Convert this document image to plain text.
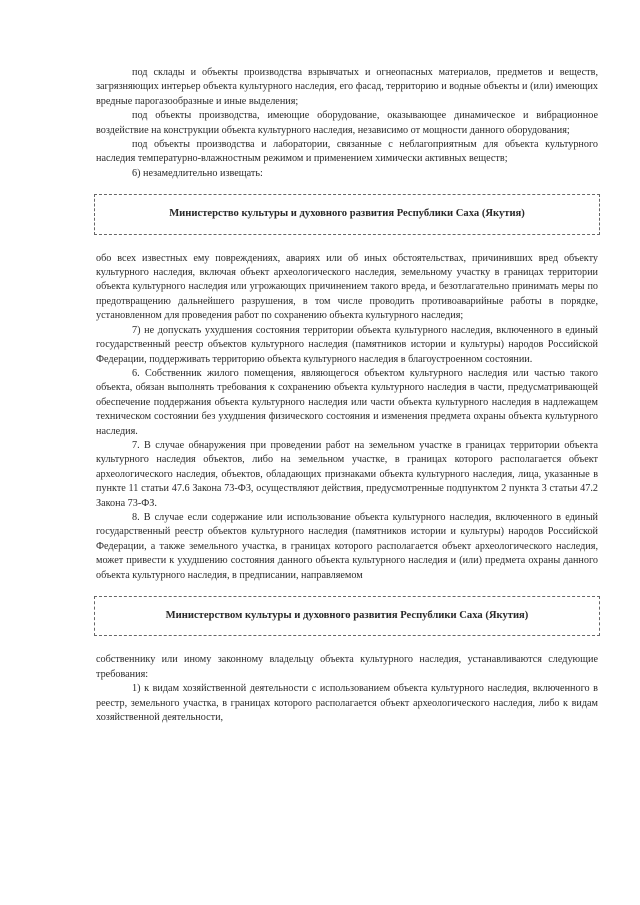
под склады и объекты производства взрывчатых и огнеопасных материалов, предметов и веществ, загрязняющих интерьер объекта культурного наследия, его фасад, территорию и водные объекты и (или) имеющих вредные парогазообразные и иные выделения;

под объекты производства, имеющие оборудование, оказывающее динамическое и вибрационное воздействие на конструкции объекта культурного наследия, независимо от мощности данного оборудования;

под объекты производства и лаборатории, связанные с неблагоприятным для объекта культурного наследия температурно-влажностным режимом и применением химически активных веществ;

6) незамедлительно извещать:

Министерство культуры и духовного развития Республики Саха (Якутия)

обо всех известных ему повреждениях, авариях или об иных обстоятельствах, причинивших вред объекту культурного наследия, включая объект археологического наследия, земельному участку в границах территории объекта культурного наследия или угрожающих причинением такого вреда, и безотлагательно принимать меры по предотвращению дальнейшего разрушения, в том числе проводить противоаварийные работы в порядке, установленном для проведения работ по сохранению объекта культурного наследия;

7) не допускать ухудшения состояния территории объекта культурного наследия, включенного в единый государственный реестр объектов культурного наследия (памятников истории и культуры) народов Российской Федерации, поддерживать территорию объекта культурного наследия в благоустроенном состоянии.

6. Собственник жилого помещения, являющегося объектом культурного наследия или частью такого объекта, обязан выполнять требования к сохранению объекта культурного наследия в части, предусматривающей обеспечение поддержания объекта культурного наследия или части объекта культурного наследия в надлежащем техническом состоянии без ухудшения физического состояния и изменения предмета охраны объекта культурного наследия.

7. В случае обнаружения при проведении работ на земельном участке в границах территории объекта культурного наследия объектов, либо на земельном участке, в границах которого располагается объект археологического наследия, объектов, обладающих признаками объекта культурного наследия, лица, указанные в пункте 11 статьи 47.6 Закона 73-ФЗ, осуществляют действия, предусмотренные подпунктом 2 пункта 3 статьи 47.2 Закона 73-ФЗ.

8. В случае если содержание или использование объекта культурного наследия, включенного в единый государственный реестр объектов культурного наследия (памятников истории и культуры) народов Российской Федерации, а также земельного участка, в границах которого располагается объект археологического наследия, может привести к ухудшению состояния данного объекта культурного наследия и (или) предмета охраны данного объекта культурного наследия, в предписании, направляемом

Министерством культуры и духовного развития Республики Саха (Якутия)

собственнику или иному законному владельцу объекта культурного наследия, устанавливаются следующие требования:

1) к видам хозяйственной деятельности с использованием объекта культурного наследия, включенного в реестр, земельного участка, в границах которого располагается объект археологического наследия, либо к видам хозяйственной деятельности,
